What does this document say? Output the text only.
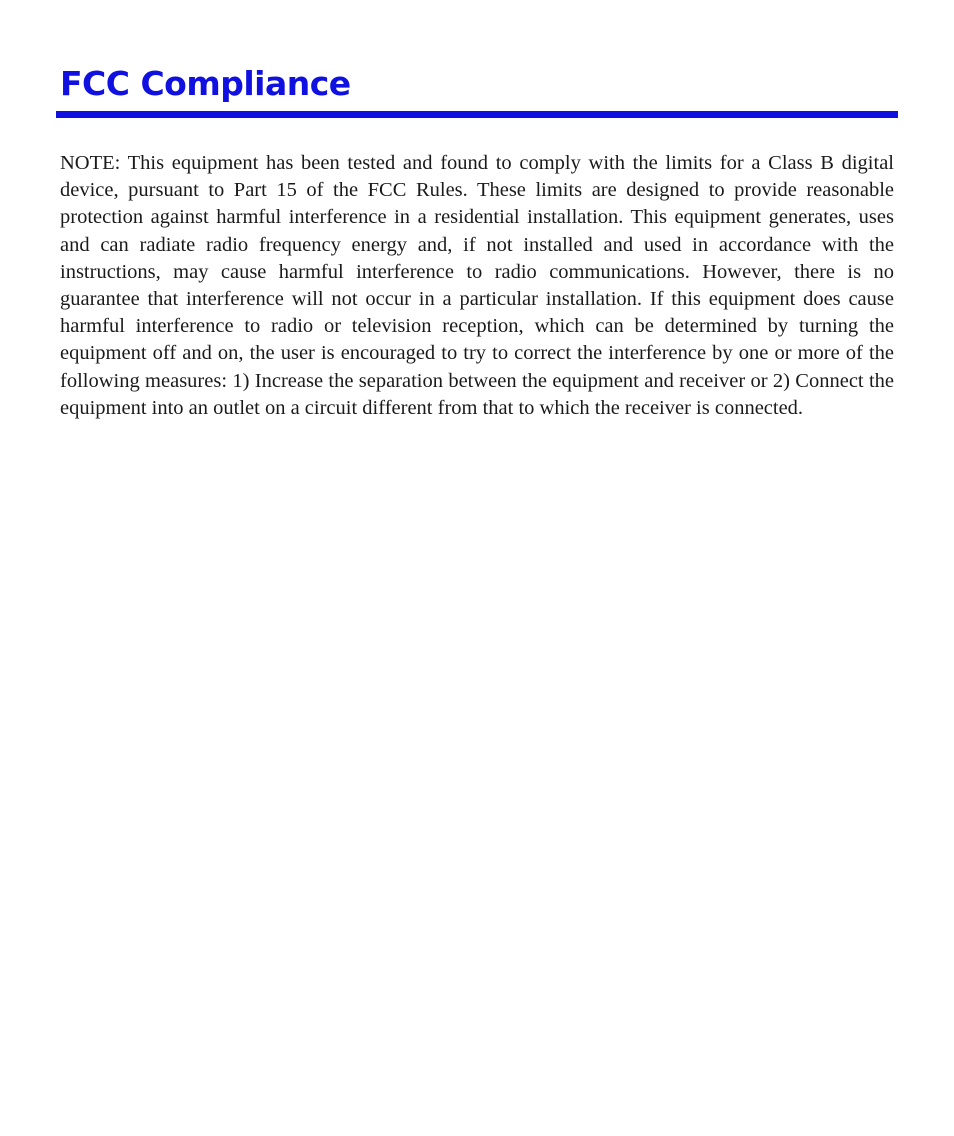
FCC Compliance

NOTE: This equipment has been tested and found to comply with the limits for a Class B digital device, pursuant to Part 15 of the FCC Rules. These limits are designed to provide reasonable protection against harmful interference in a residential installation. This equipment generates, uses and can radiate radio frequency energy and, if not installed and used in accordance with the instructions, may cause harmful interference to radio communications. However, there is no guarantee that interference will not occur in a particular installation. If this equipment does cause harmful interference to radio or television reception, which can be determined by turning the equipment off and on, the user is encouraged to try to correct the interference by one or more of the following measures: 1) Increase the separation between the equipment and receiver or 2) Connect the equipment into an outlet on a circuit different from that to which the receiver is connected.
